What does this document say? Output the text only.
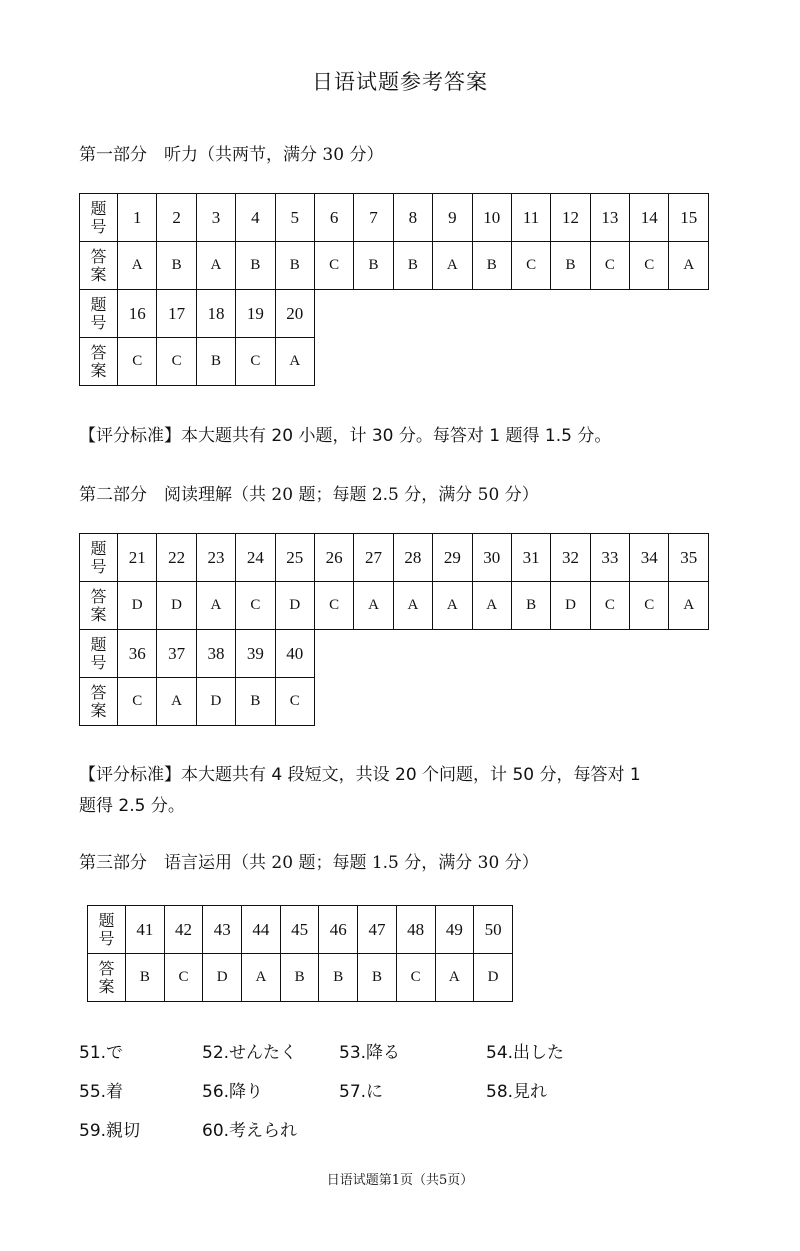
日语试题参考答案
第一部分　听力（共两节，满分 30 分）
题
号	1	2	3	4	5	6	7	8	9	10	11	12	13	14	15

答
案	A	B	A	B	B	C	B	B	A	B	C	B	C	C	A

题
号	16	17	18	19	20										

答
案	C	C	B	C	A										
【评分标准】本大题共有 20 小题，计 30 分。每答对 1 题得 1.5 分。
第二部分　阅读理解（共 20 题；每题 2.5 分，满分 50 分）
题
号	21	22	23	24	25	26	27	28	29	30	31	32	33	34	35

答
案	D	D	A	C	D	C	A	A	A	A	B	D	C	C	A

题
号	36	37	38	39	40										

答
案	C	A	D	B	C										
【评分标准】本大题共有 4 段短文，共设 20 个问题，计 50 分，每答对 1
题得 2.5 分。
第三部分　语言运用（共 20 题；每题 1.5 分，满分 30 分）
题
号	41	42	43	44	45	46	47	48	49	50

答
案	B	C	D	A	B	B	B	C	A	D
51.で	52.せんたく	53.降る	54.出した
55.着	56.降り	57.に	58.見れ
59.親切	60.考えられ
日语试题第1页（共5页）
